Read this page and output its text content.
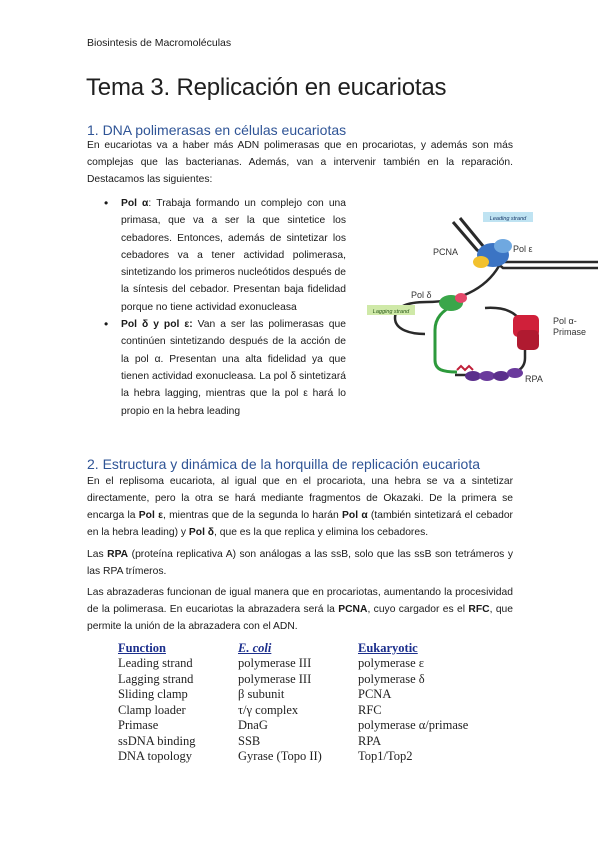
Biosintesis de Macromoléculas
Tema 3. Replicación en eucariotas
1. DNA polimerasas en células eucariotas

En eucariotas va a haber más ADN polimerasas que en procariotas, y además son más complejas que las bacterianas. Además, van a intervenir también en la reparación. Destacamos las siguientes:

• Pol α: Trabaja formando un complejo con una primasa, que va a ser la que sintetice los cebadores. Entonces, además de sintetizar los cebadores va a tener actividad polimerasa, sintetizando los primeros nucleótidos después de la síntesis del cebador. Presentan baja fidelidad porque no tiene actividad exonucleasa
• Pol δ y pol ε: Van a ser las polimerasas que continúen sintetizando después de la acción de la pol α. Presentan una alta fidelidad ya que tienen actividad exonucleasa. La pol δ sintetizará la hebra lagging, mientras que la pol ε hará lo propio en la hebra leading
Leading strand
Lagging strand
PCNA	Pol ε
Pol δ
Pol α-
Primase
RPA
2. Estructura y dinámica de la horquilla de replicación eucariota

En el replisoma eucariota, al igual que en el procariota, una hebra se va a sintetizar directamente, pero la otra se hará mediante fragmentos de Okazaki. De la primera se encarga la Pol ε, mientras que de la segunda lo harán Pol α (también sintetizará el cebador en la hebra leading) y Pol δ, que es la que replica y elimina los cebadores.

Las RPA (proteína replicativa A) son análogas a las ssB, solo que las ssB son tetrámeros y las RPA trímeros.

Las abrazaderas funcionan de igual manera que en procariotas, aumentando la procesividad de la polimerasa. En eucariotas la abrazadera será la PCNA, cuyo cargador es el RFC, que permite la unión de la abrazadera con el ADN.

Function	E. coli	Eukaryotic
Leading strand	polymerase III	polymerase ε
Lagging strand	polymerase III	polymerase δ
Sliding clamp	β subunit	PCNA
Clamp loader	τ/γ complex	RFC
Primase	DnaG	polymerase α/primase
ssDNA binding	SSB	RPA
DNA topology	Gyrase (Topo II)	Top1/Top2
